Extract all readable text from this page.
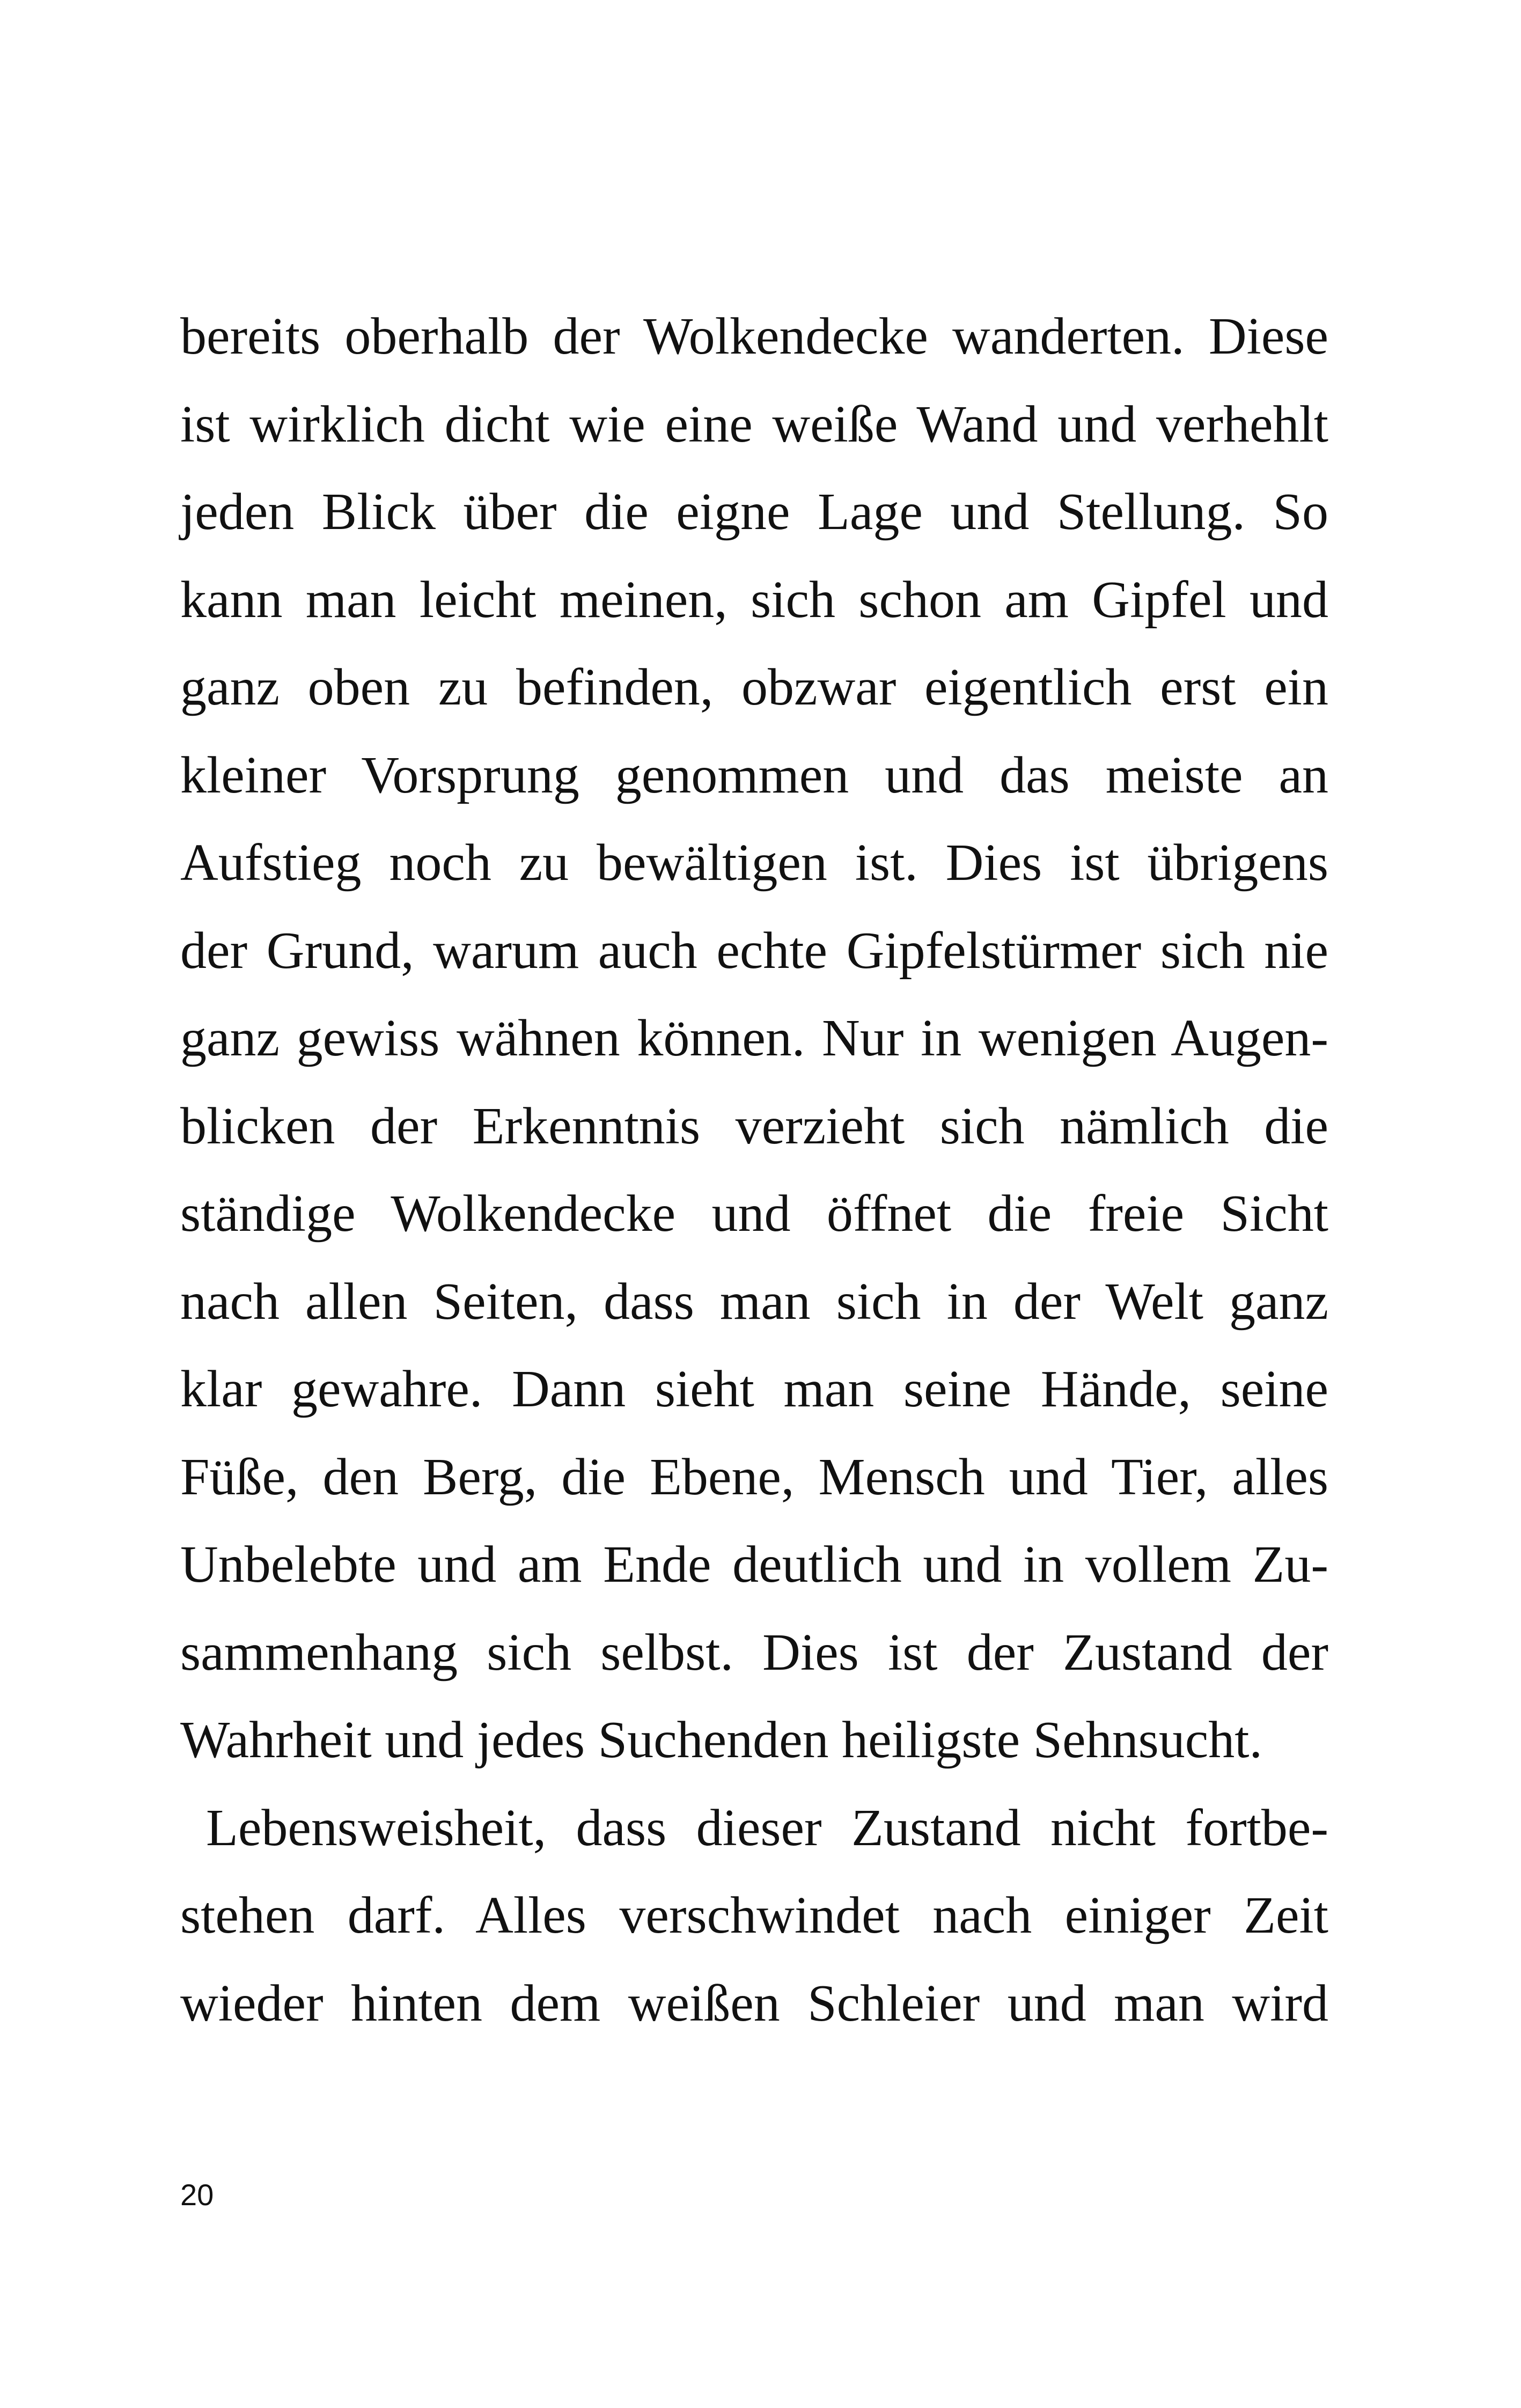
bereits oberhalb der Wolkendecke wanderten. Diese
ist wirklich dicht wie eine weiße Wand und verhehlt
jeden Blick über die eigne Lage und Stellung. So
kann man leicht meinen, sich schon am Gipfel und
ganz oben zu befinden, obzwar eigentlich erst ein
kleiner Vorsprung genommen und das meiste an
Aufstieg noch zu bewältigen ist. Dies ist übrigens
der Grund, warum auch echte Gipfelstürmer sich nie
ganz gewiss wähnen können. Nur in wenigen Augen-
blicken der Erkenntnis verzieht sich nämlich die
ständige Wolkendecke und öffnet die freie Sicht
nach allen Seiten, dass man sich in der Welt ganz
klar gewahre. Dann sieht man seine Hände, seine
Füße, den Berg, die Ebene, Mensch und Tier, alles
Unbelebte und am Ende deutlich und in vollem Zu-
sammenhang sich selbst. Dies ist der Zustand der
Wahrheit und jedes Suchenden heiligste Sehnsucht.
Lebensweisheit, dass dieser Zustand nicht fortbe-
stehen darf. Alles verschwindet nach einiger Zeit
wieder hinten dem weißen Schleier und man wird
20
